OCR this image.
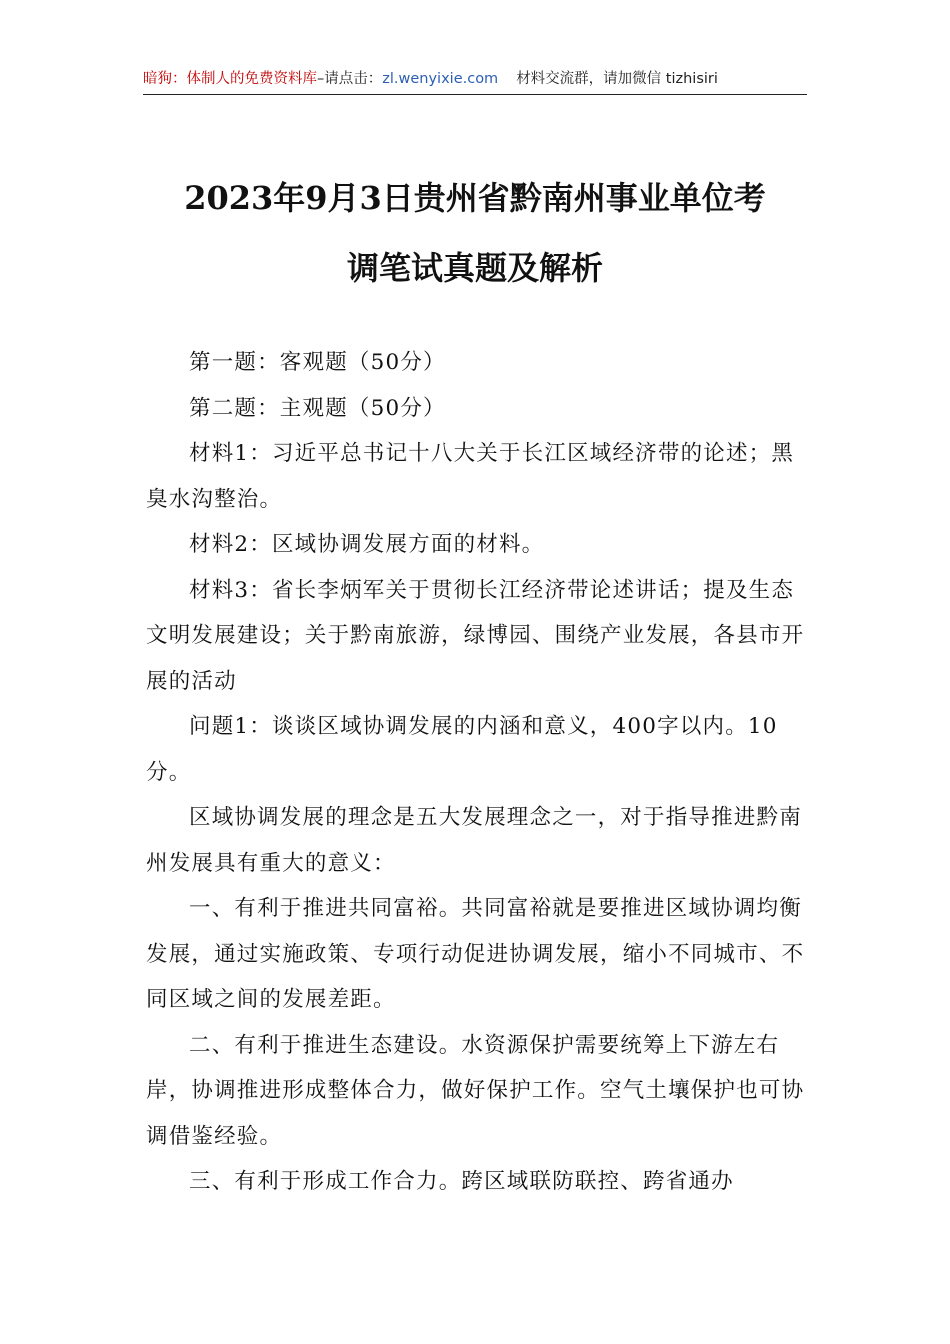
暗狗：体制人的免费资料库–请点击：zl.wenyixie.com 材料交流群，请加微信 tizhisiri
2023年9月3日贵州省黔南州事业单位考
调笔试真题及解析

第一题：客观题（50分）

第二题：主观题（50分）

材料1：习近平总书记十八大关于长江区域经济带的论述；黑臭水沟整治。

材料2：区域协调发展方面的材料。

材料3：省长李炳军关于贯彻长江经济带论述讲话；提及生态文明发展建设；关于黔南旅游，绿博园、围绕产业发展，各县市开展的活动

问题1：谈谈区域协调发展的内涵和意义，400字以内。10分。

区域协调发展的理念是五大发展理念之一，对于指导推进黔南州发展具有重大的意义：

一、有利于推进共同富裕。共同富裕就是要推进区域协调均衡发展，通过实施政策、专项行动促进协调发展，缩小不同城市、不同区域之间的发展差距。

二、有利于推进生态建设。水资源保护需要统筹上下游左右岸，协调推进形成整体合力，做好保护工作。空气土壤保护也可协调借鉴经验。

三、有利于形成工作合力。跨区域联防联控、跨省通办
